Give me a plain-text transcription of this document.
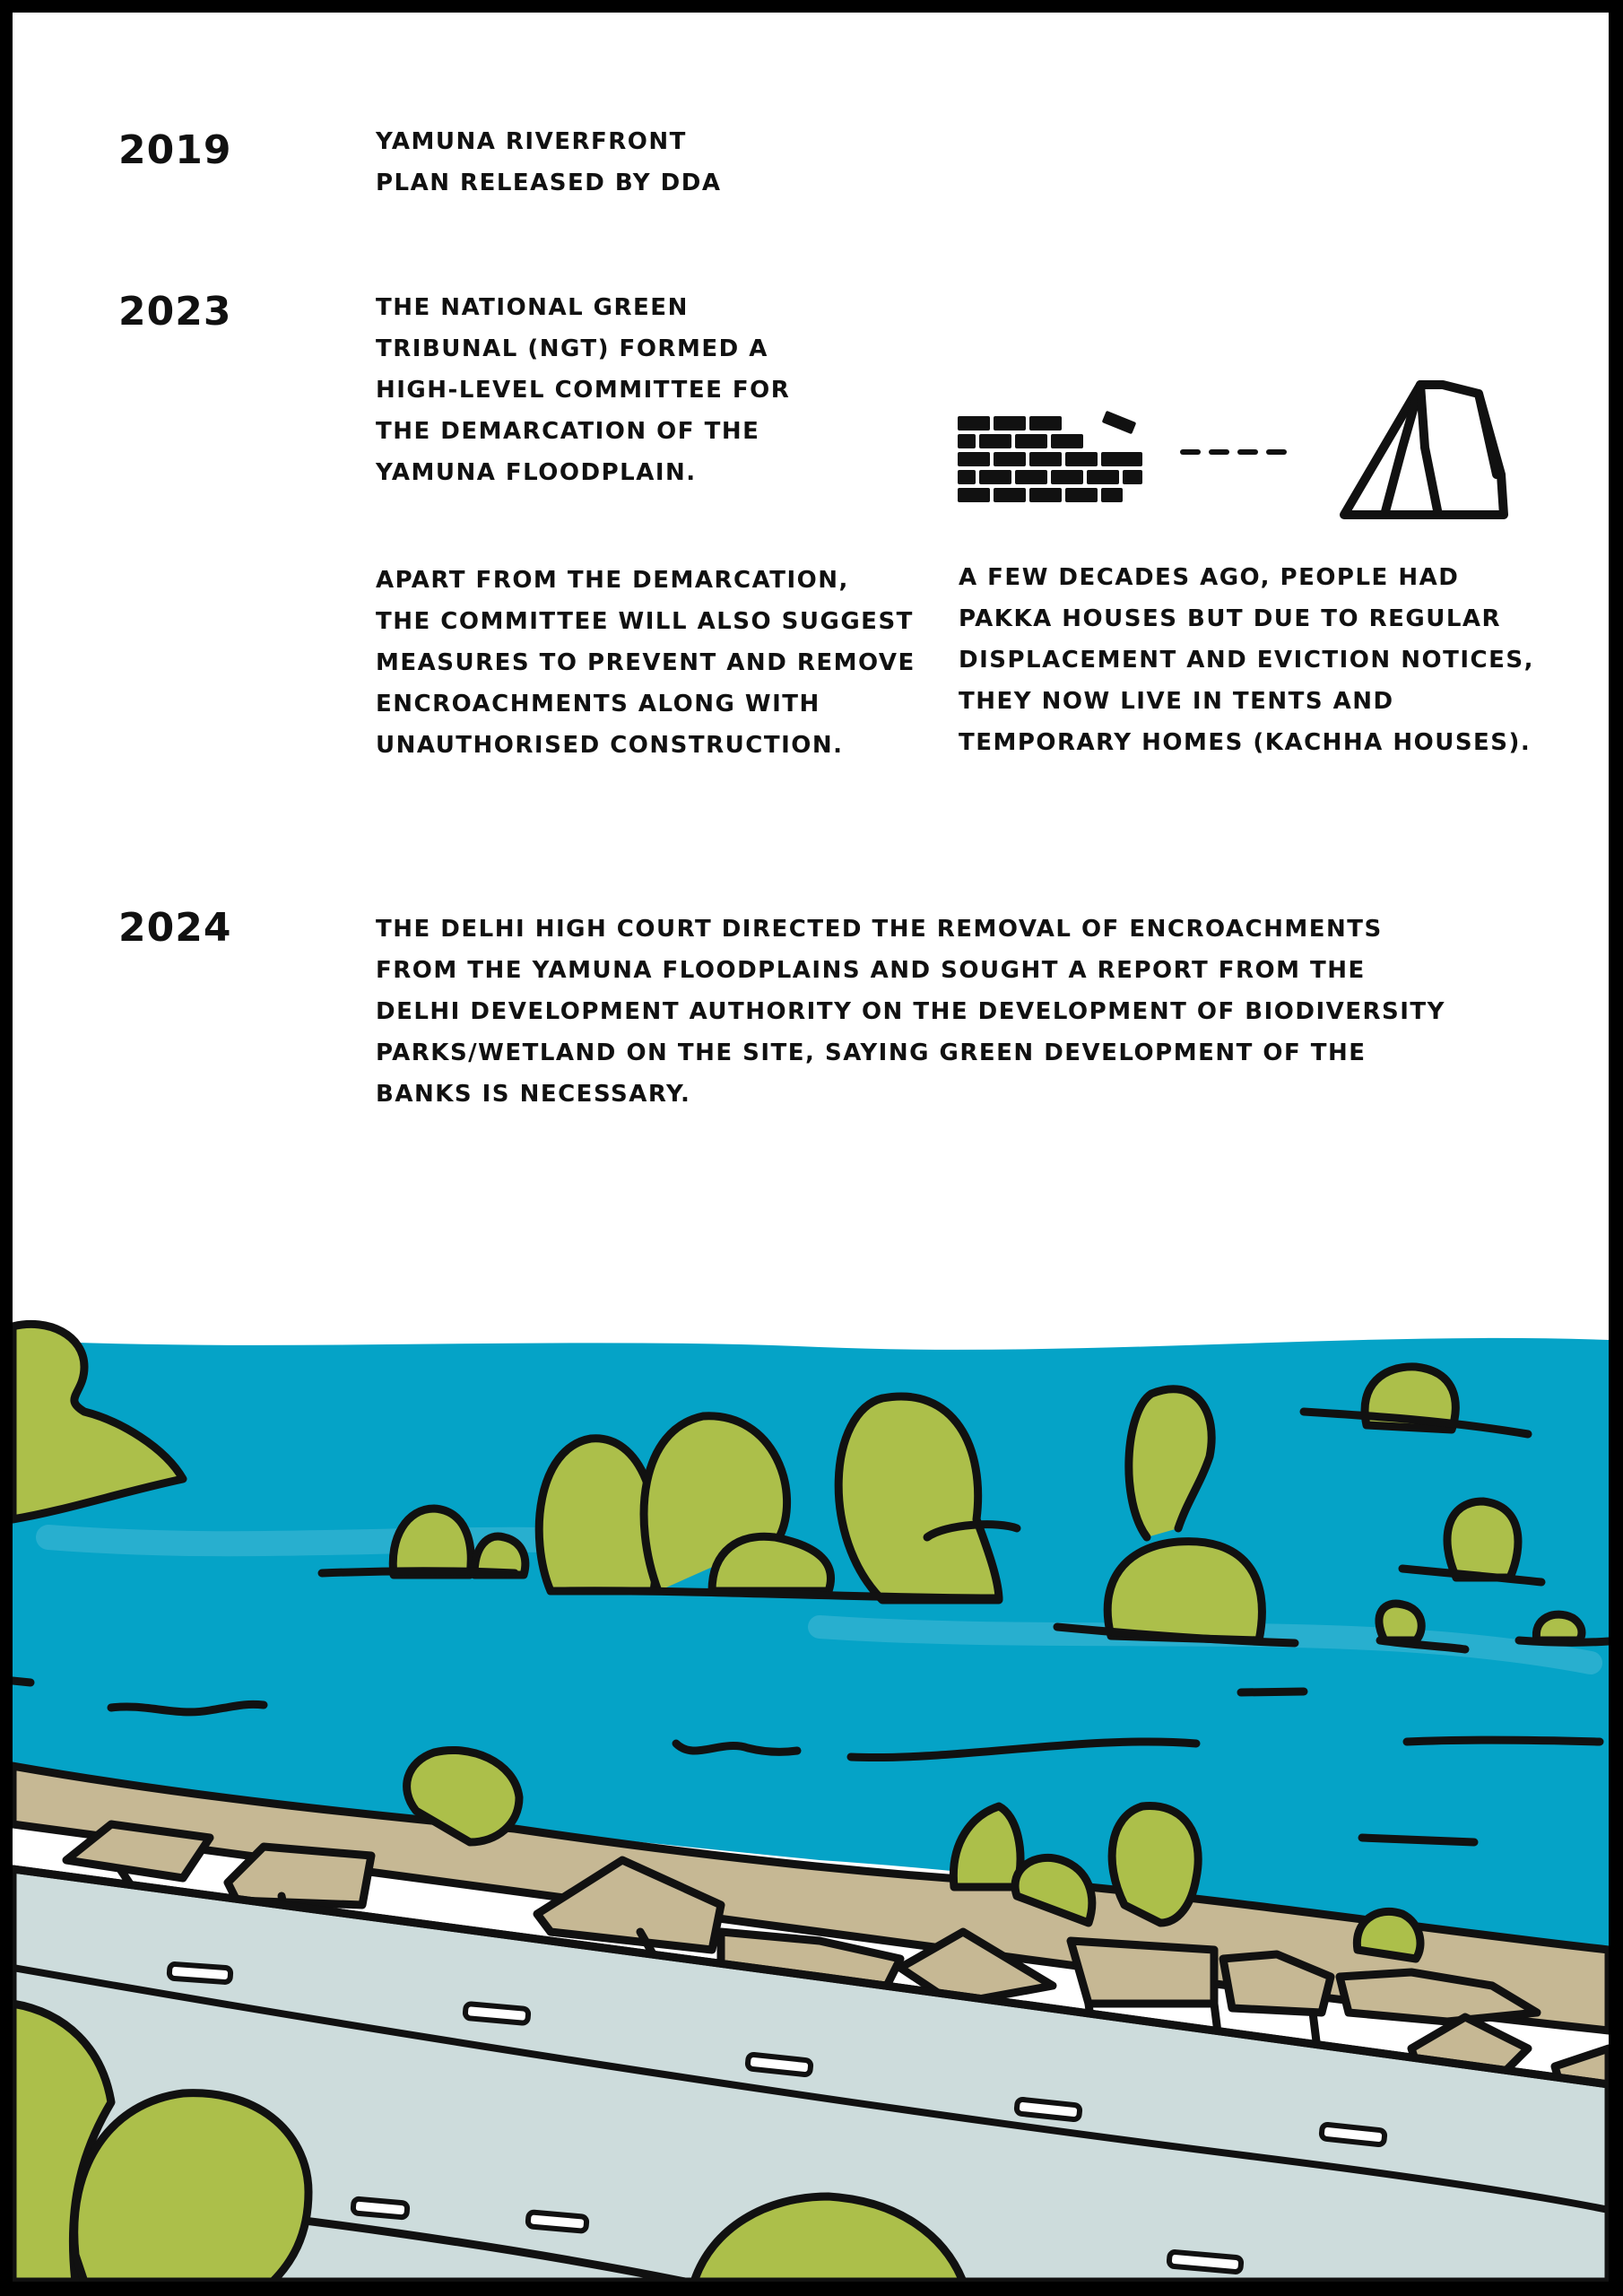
2019	YAMUNA RIVERFRONT
PLAN RELEASED BY DDA

2023	THE NATIONAL GREEN
TRIBUNAL (NGT) FORMED A
HIGH-LEVEL COMMITTEE FOR
THE DEMARCATION OF THE
YAMUNA FLOODPLAIN.

APART FROM THE DEMARCATION,
THE COMMITTEE WILL ALSO SUGGEST
MEASURES TO PREVENT AND REMOVE
ENCROACHMENTS ALONG WITH
UNAUTHORISED CONSTRUCTION.

A FEW DECADES AGO, PEOPLE HAD
PAKKA HOUSES BUT DUE TO REGULAR
DISPLACEMENT AND EVICTION NOTICES,
THEY NOW LIVE IN TENTS AND
TEMPORARY HOMES (KACHHA HOUSES).

2024	THE DELHI HIGH COURT DIRECTED THE REMOVAL OF ENCROACHMENTS
FROM THE YAMUNA FLOODPLAINS AND SOUGHT A REPORT FROM THE
DELHI DEVELOPMENT AUTHORITY ON THE DEVELOPMENT OF BIODIVERSITY
PARKS/WETLAND ON THE SITE, SAYING GREEN DEVELOPMENT OF THE
BANKS IS NECESSARY.
